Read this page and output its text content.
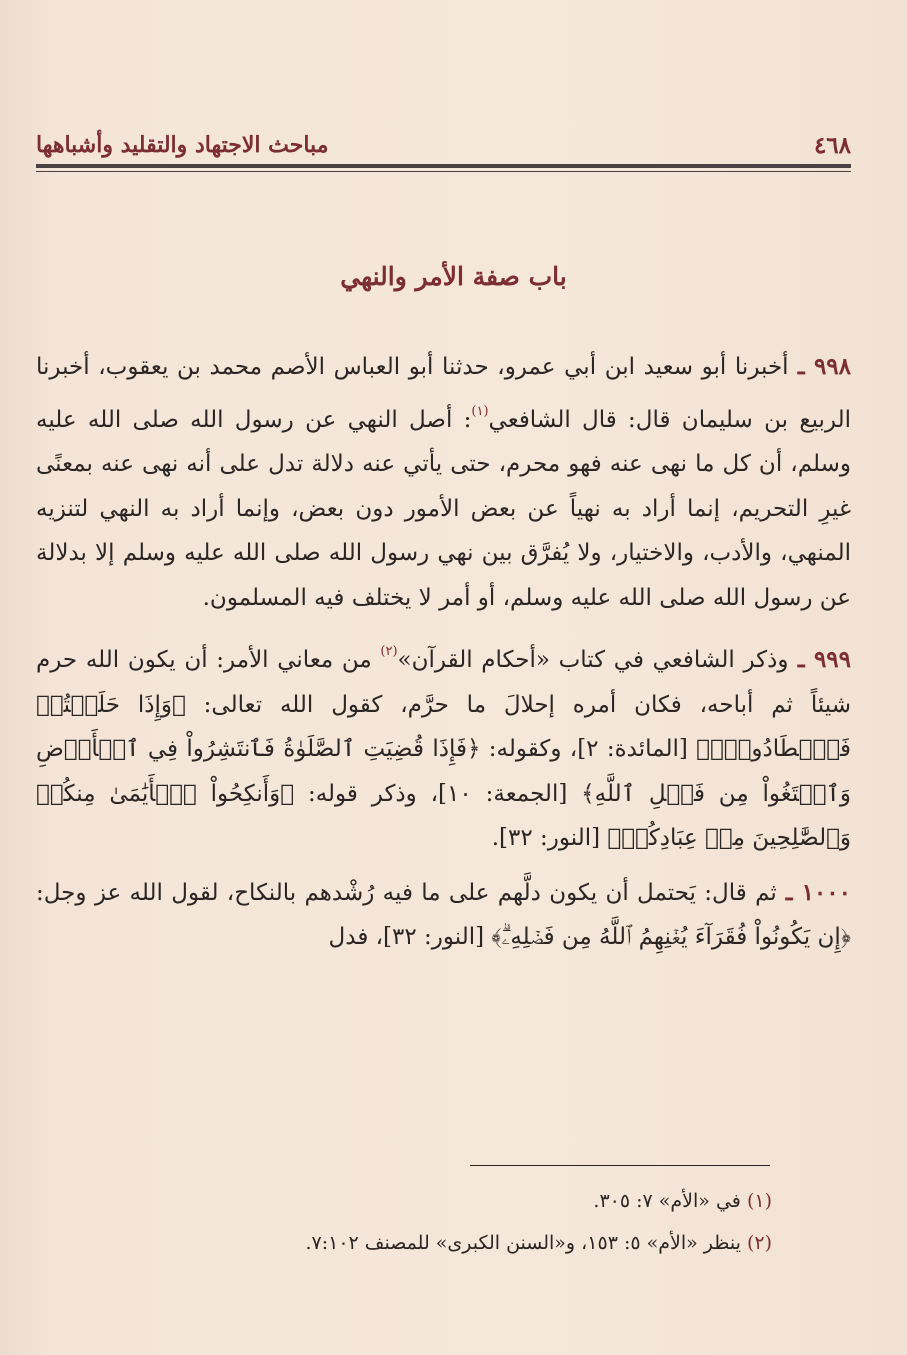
٤٦٨
مباحث الاجتهاد والتقليد وأشباهها
باب صفة الأمر والنهي

٩٩٨ ـ أخبرنا أبو سعيد ابن أبي عمرو، حدثنا أبو العباس الأصم محمد بن يعقوب، أخبرنا الربيع بن سليمان قال: قال الشافعي$^{(١)}$: أصل النهي عن رسول الله صلى الله عليه وسلم، أن كل ما نهى عنه فهو محرم، حتى يأتي عنه دلالة تدل على أنه نهى عنه بمعنًى غيرِ التحريم، إنما أراد به نهياً عن بعض الأمور دون بعض، وإنما أراد به النهي لتنزيه المنهي، والأدب، والاختيار، ولا يُفرَّق بين نهي رسول الله صلى الله عليه وسلم إلا بدلالة عن رسول الله صلى الله عليه وسلم، أو أمر لا يختلف فيه المسلمون.

٩٩٩ ـ وذكر الشافعي في كتاب «أحكام القرآن»$^{(٢)}$ من معاني الأمر: أن يكون الله حرم شيئاً ثم أباحه، فكان أمره إحلالَ ما حرَّم، كقول الله تعالى: ﴿وَإِذَا حَلَلۡتُمۡ فَٱصۡطَادُواْۚ﴾ [المائدة: ٢]، وكقوله: ﴿فَإِذَا قُضِيَتِ ٱلصَّلَوٰةُ فَٱنتَشِرُواْ فِي ٱلۡأَرۡضِ وَٱبۡتَغُواْ مِن فَضۡلِ ٱللَّهِ﴾ [الجمعة: ١٠]، وذكر قوله: ﴿وَأَنكِحُواْ ٱلۡأَيَٰمَىٰ مِنكُمۡ وَٱلصَّٰلِحِينَ مِنۡ عِبَادِكُمۡ﴾ [النور: ٣٢].

١٠٠٠ ـ ثم قال: يَحتمل أن يكون دلَّهم على ما فيه رُشْدهم بالنكاح، لقول الله عز وجل: ﴿إِن يَكُونُواْ فُقَرَآءَ يُغۡنِهِمُ ٱللَّهُ مِن فَضۡلِهِۦۗ﴾ [النور: ٣٢]، فدل

(١) في «الأم» ٧: ٣٠٥.
(٢) ينظر «الأم» ٥: ١٥٣، و«السنن الكبرى» للمصنف ٧:١٠٢.
